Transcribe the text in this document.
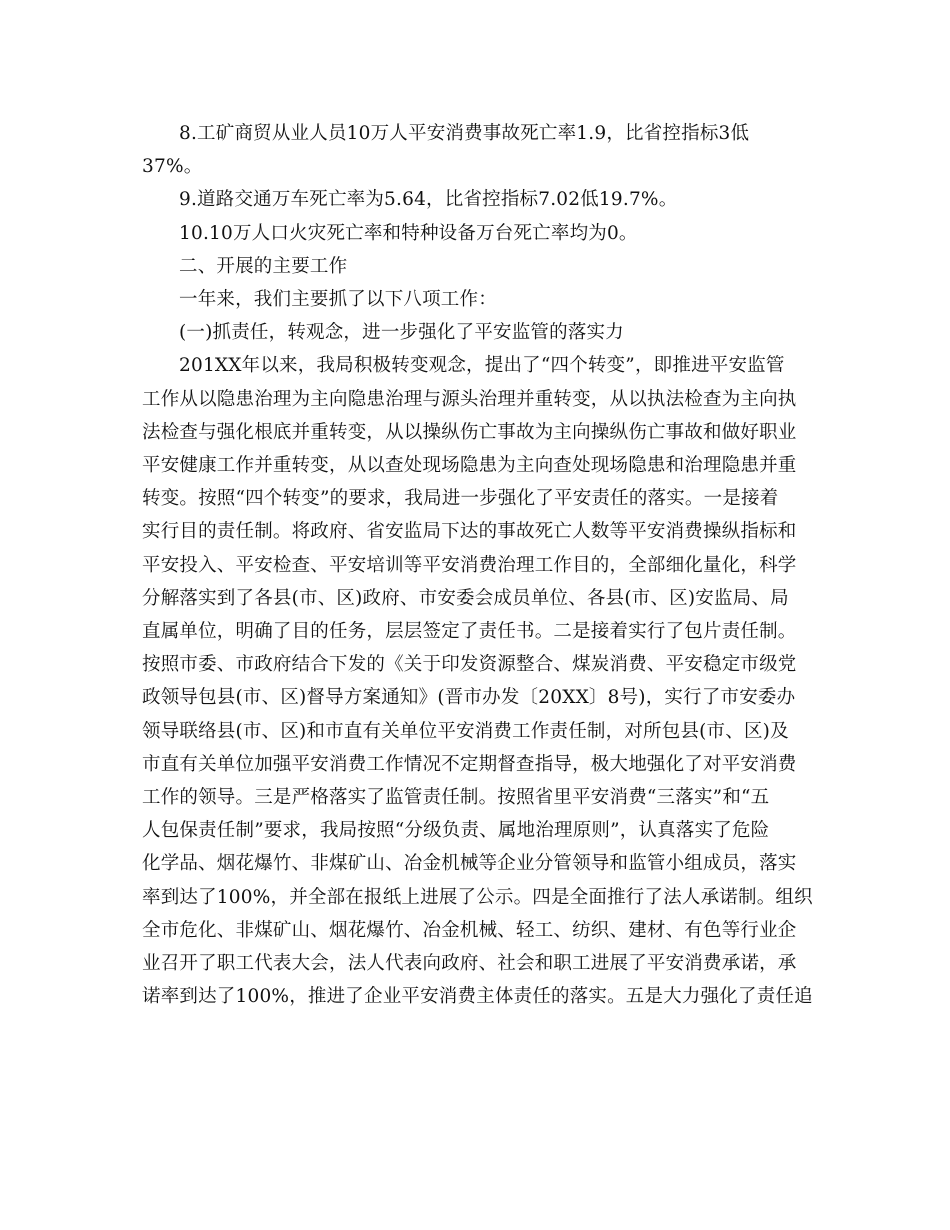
8.工矿商贸从业人员10万人平安消费事故死亡率1.9，比省控指标3低
37%。

9.道路交通万车死亡率为5.64，比省控指标7.02低19.7%。

10.10万人口火灾死亡率和特种设备万台死亡率均为0。

二、开展的主要工作

一年来，我们主要抓了以下八项工作：

(一)抓责任，转观念，进一步强化了平安监管的落实力

201XX年以来，我局积极转变观念，提出了“四个转变”，即推进平安监管
工作从以隐患治理为主向隐患治理与源头治理并重转变，从以执法检查为主向执
法检查与强化根底并重转变，从以操纵伤亡事故为主向操纵伤亡事故和做好职业
平安健康工作并重转变，从以查处现场隐患为主向查处现场隐患和治理隐患并重
转变。按照“四个转变”的要求，我局进一步强化了平安责任的落实。一是接着
实行目的责任制。将政府、省安监局下达的事故死亡人数等平安消费操纵指标和
平安投入、平安检查、平安培训等平安消费治理工作目的，全部细化量化，科学
分解落实到了各县(市、区)政府、市安委会成员单位、各县(市、区)安监局、局
直属单位，明确了目的任务，层层签定了责任书。二是接着实行了包片责任制。
按照市委、市政府结合下发的《关于印发资源整合、煤炭消费、平安稳定市级党
政领导包县(市、区)督导方案通知》(晋市办发〔20XX〕8号)，实行了市安委办
领导联络县(市、区)和市直有关单位平安消费工作责任制，对所包县(市、区)及
市直有关单位加强平安消费工作情况不定期督查指导，极大地强化了对平安消费
工作的领导。三是严格落实了监管责任制。按照省里平安消费“三落实”和“五
人包保责任制”要求，我局按照“分级负责、属地治理原则”，认真落实了危险
化学品、烟花爆竹、非煤矿山、冶金机械等企业分管领导和监管小组成员，落实
率到达了100%，并全部在报纸上进展了公示。四是全面推行了法人承诺制。组织
全市危化、非煤矿山、烟花爆竹、冶金机械、轻工、纺织、建材、有色等行业企
业召开了职工代表大会，法人代表向政府、社会和职工进展了平安消费承诺，承
诺率到达了100%，推进了企业平安消费主体责任的落实。五是大力强化了责任追
